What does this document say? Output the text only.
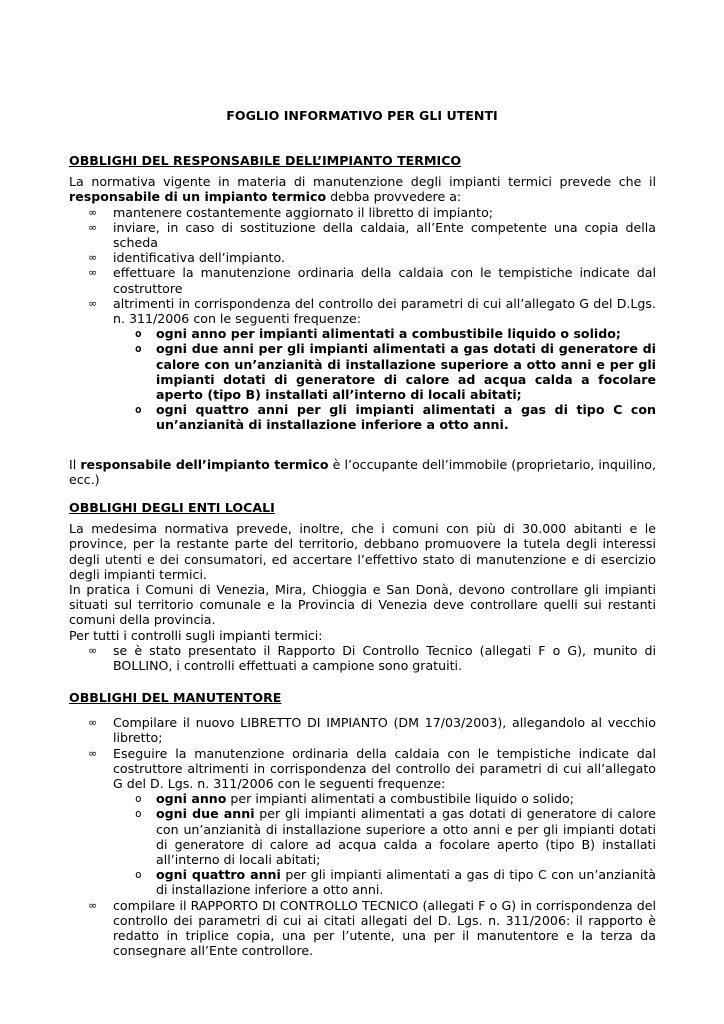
FOGLIO INFORMATIVO PER GLI UTENTI
OBBLIGHI DEL RESPONSABILE DELL’IMPIANTO TERMICO

La normativa vigente in materia di manutenzione degli impianti termici prevede che il responsabile di un impianto termico debba provvedere a:

∞ mantenere costantemente aggiornato il libretto di impianto;
∞ inviare, in caso di sostituzione della caldaia, all’Ente competente una copia della scheda
∞ identificativa dell’impianto.
∞ effettuare la manutenzione ordinaria della caldaia con le tempistiche indicate dal costruttore
∞ altrimenti in corrispondenza del controllo dei parametri di cui all’allegato G del D.Lgs. n. 311/2006 con le seguenti frequenze:
o ogni anno per impianti alimentati a combustibile liquido o solido;
o ogni due anni per gli impianti alimentati a gas dotati di generatore di calore con un’anzianità di installazione superiore a otto anni e per gli impianti dotati di generatore di calore ad acqua calda a focolare aperto (tipo B) installati all’interno di locali abitati;
o ogni quattro anni per gli impianti alimentati a gas di tipo C con un’anzianità di installazione inferiore a otto anni.

Il responsabile dell’impianto termico è l’occupante dell’immobile (proprietario, inquilino, ecc.)

OBBLIGHI DEGLI ENTI LOCALI

La medesima normativa prevede, inoltre, che i comuni con più di 30.000 abitanti e le province, per la restante parte del territorio, debbano promuovere la tutela degli interessi degli utenti e dei consumatori, ed accertare l’effettivo stato di manutenzione e di esercizio degli impianti termici.

In pratica i Comuni di Venezia, Mira, Chioggia e San Donà, devono controllare gli impianti situati sul territorio comunale e la Provincia di Venezia deve controllare quelli sui restanti comuni della provincia.

Per tutti i controlli sugli impianti termici:

∞ se è stato presentato il Rapporto Di Controllo Tecnico (allegati F o G), munito di BOLLINO, i controlli effettuati a campione sono gratuiti.
OBBLIGHI DEL MANUTENTORE
∞ Compilare il nuovo LIBRETTO DI IMPIANTO (DM 17/03/2003), allegandolo al vecchio libretto;
∞ Eseguire la manutenzione ordinaria della caldaia con le tempistiche indicate dal costruttore altrimenti in corrispondenza del controllo dei parametri di cui all’allegato G del D. Lgs. n. 311/2006 con le seguenti frequenze:
o ogni anno per impianti alimentati a combustibile liquido o solido;
o ogni due anni per gli impianti alimentati a gas dotati di generatore di calore con un’anzianità di installazione superiore a otto anni e per gli impianti dotati di generatore di calore ad acqua calda a focolare aperto (tipo B) installati all’interno di locali abitati;
o ogni quattro anni per gli impianti alimentati a gas di tipo C con un’anzianità di installazione inferiore a otto anni.
∞ compilare il RAPPORTO DI CONTROLLO TECNICO (allegati F o G) in corrispondenza del controllo dei parametri di cui ai citati allegati del D. Lgs. n. 311/2006: il rapporto è redatto in triplice copia, una per l’utente, una per il manutentore e la terza da consegnare all’Ente controllore.
